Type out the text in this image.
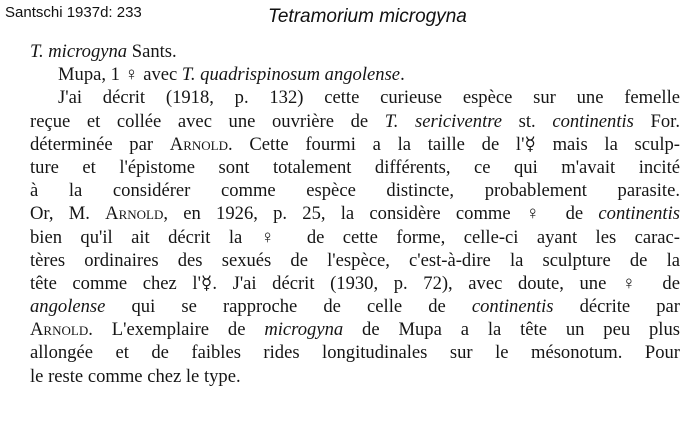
Santschi 1937d: 233	Tetramorium microgyna
T. microgyna Sants.
Mupa, 1 ♀ avec T. quadrispinosum angolense.
J'ai décrit (1918, p. 132) cette curieuse espèce sur une femelle
reçue et collée avec une ouvrière de T. sericiventre st. continentis For.
déterminée par Arnold. Cette fourmi a la taille de l'☿ mais la sculp-
ture et l'épistome sont totalement différents, ce qui m'avait incité
à la considérer comme espèce distincte, probablement parasite.
Or, M. Arnold, en 1926, p. 25, la considère comme ♀ de continentis
bien qu'il ait décrit la ♀ de cette forme, celle-ci ayant les carac-
tères ordinaires des sexués de l'espèce, c'est-à-dire la sculpture de la
tête comme chez l'☿. J'ai décrit (1930, p. 72), avec doute, une ♀ de
angolense qui se rapproche de celle de continentis décrite par
Arnold. L'exemplaire de microgyna de Mupa a la tête un peu plus
allongée et de faibles rides longitudinales sur le mésonotum. Pour
le reste comme chez le type.
